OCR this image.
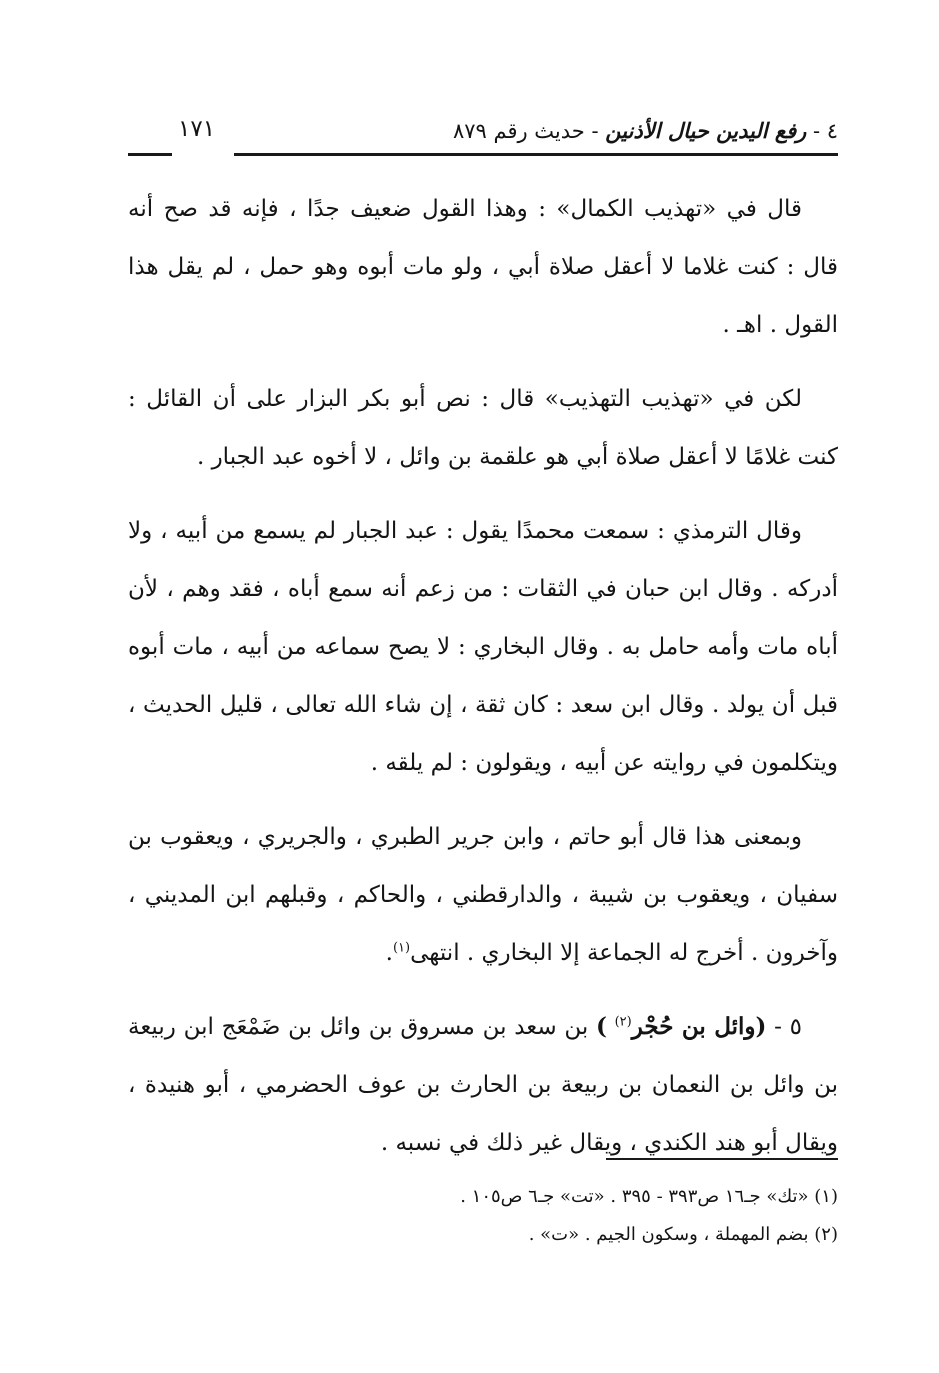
٤ - رفع اليدين حيال الأذنين - حديث رقم ٨٧٩
١٧١

قال في «تهذيب الكمال» : وهذا القول ضعيف جدًا ، فإنه قد صح أنه قال : كنت غلاما لا أعقل صلاة أبي ، ولو مات أبوه وهو حمل ، لم يقل هذا القول . اهـ .

لكن في «تهذيب التهذيب» قال : نص أبو بكر البزار على أن القائل : كنت غلامًا لا أعقل صلاة أبي هو علقمة بن وائل ، لا أخوه عبد الجبار .

وقال الترمذي : سمعت محمدًا يقول : عبد الجبار لم يسمع من أبيه ، ولا أدركه . وقال ابن حبان في الثقات : من زعم أنه سمع أباه ، فقد وهم ، لأن أباه مات وأمه حامل به . وقال البخاري : لا يصح سماعه من أبيه ، مات أبوه قبل أن يولد . وقال ابن سعد : كان ثقة ، إن شاء الله تعالى ، قليل الحديث ، ويتكلمون في روايته عن أبيه ، ويقولون : لم يلقه .

وبمعنى هذا قال أبو حاتم ، وابن جرير الطبري ، والجريري ، ويعقوب بن سفيان ، ويعقوب بن شيبة ، والدارقطني ، والحاكم ، وقبلهم ابن المديني ، وآخرون . أخرج له الجماعة إلا البخاري . انتهى$^{(١)}$.

٥ - (وائل بن حُجْر$^{(٢)}$ ) بن سعد بن مسروق بن وائل بن ضَمْعَج ابن ربيعة بن وائل بن النعمان بن ربيعة بن الحارث بن عوف الحضرمي ، أبو هنيدة ، ويقال أبو هند الكندي ، ويقال غير ذلك في نسبه .

(١) «تك» جـ١٦ ص٣٩٣ - ٣٩٥ . «تت» جـ٦ ص١٠٥ .
(٢) بضم المهملة ، وسكون الجيم . «ت» .
